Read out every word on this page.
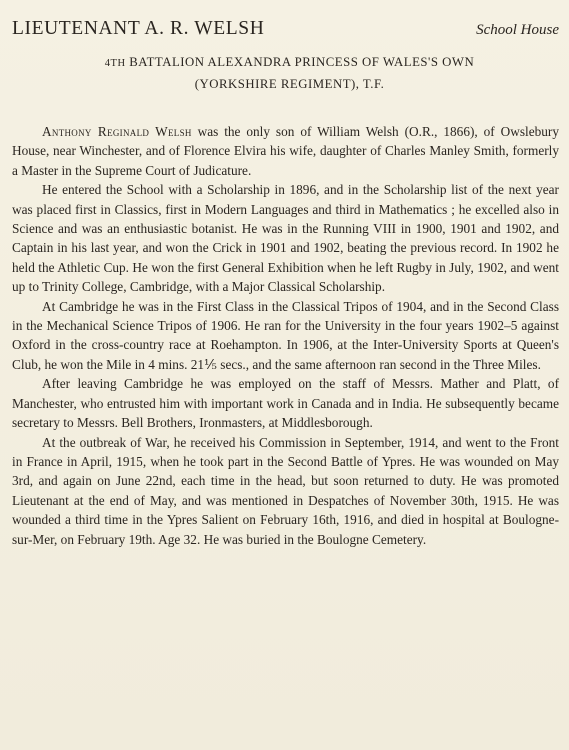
LIEUTENANT A. R. WELSH	School House
4TH BATTALION ALEXANDRA PRINCESS OF WALES'S OWN
(YORKSHIRE REGIMENT), T.F.

Anthony Reginald Welsh was the only son of William Welsh (O.R., 1866), of Owslebury House, near Winchester, and of Florence Elvira his wife, daughter of Charles Manley Smith, formerly a Master in the Supreme Court of Judicature.

He entered the School with a Scholarship in 1896, and in the Scholarship list of the next year was placed first in Classics, first in Modern Languages and third in Mathematics ; he excelled also in Science and was an enthusiastic botanist. He was in the Running VIII in 1900, 1901 and 1902, and Captain in his last year, and won the Crick in 1901 and 1902, beating the previous record. In 1902 he held the Athletic Cup. He won the first General Exhibition when he left Rugby in July, 1902, and went up to Trinity College, Cambridge, with a Major Classical Scholarship.

At Cambridge he was in the First Class in the Classical Tripos of 1904, and in the Second Class in the Mechanical Science Tripos of 1906. He ran for the University in the four years 1902–5 against Oxford in the cross-country race at Roehampton. In 1906, at the Inter-University Sports at Queen's Club, he won the Mile in 4 mins. 21⅕ secs., and the same afternoon ran second in the Three Miles.

After leaving Cambridge he was employed on the staff of Messrs. Mather and Platt, of Manchester, who entrusted him with important work in Canada and in India. He subsequently became secretary to Messrs. Bell Brothers, Ironmasters, at Middlesborough.

At the outbreak of War, he received his Commission in September, 1914, and went to the Front in France in April, 1915, when he took part in the Second Battle of Ypres. He was wounded on May 3rd, and again on June 22nd, each time in the head, but soon returned to duty. He was promoted Lieutenant at the end of May, and was mentioned in Despatches of November 30th, 1915. He was wounded a third time in the Ypres Salient on February 16th, 1916, and died in hospital at Boulogne-sur-Mer, on February 19th. Age 32. He was buried in the Boulogne Cemetery.
